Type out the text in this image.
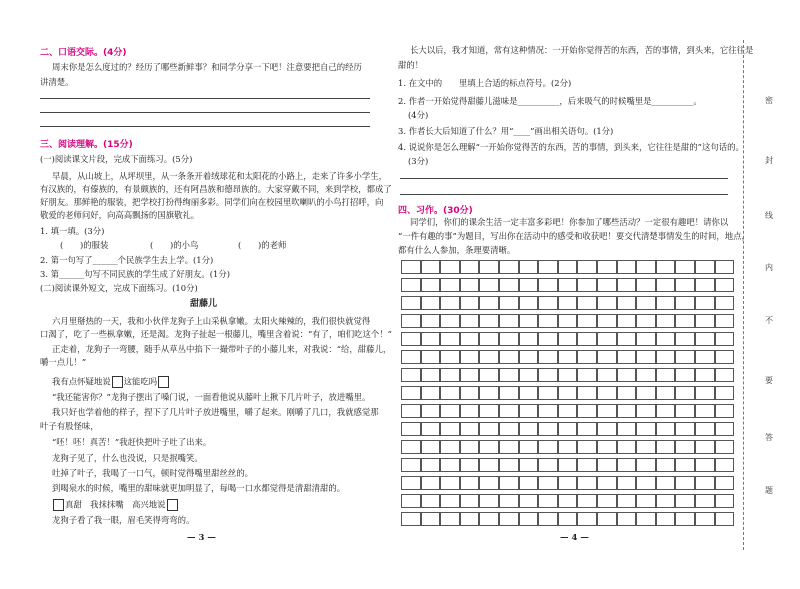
二、口语交际。(4分)
周末你是怎么度过的？经历了哪些新鲜事？和同学分享一下吧！注意要把自己的经历
讲清楚。
三、阅读理解。(15分)
(一)阅读课文片段，完成下面练习。(5分)
早晨，从山坡上，从坪坝里，从一条条开着绒球花和太阳花的小路上，走来了许多小学生，
有汉族的，有傣族的，有景颇族的，还有阿昌族和德昂族的。大家穿戴不同，来到学校，都成了
好朋友。那鲜艳的服装，把学校打扮得绚丽多彩。同学们向在校园里吹喇叭的小鸟打招呼，向
敬爱的老师问好，向高高飘扬的国旗敬礼。
1. 填一填。(3分)
(　　)的服装	(　　)的小鸟	(　　)的老师
2. 第一句写了______个民族学生去上学。(1分)
3. 第______句写不同民族的学生成了好朋友。(1分)
(二)阅读课外短文，完成下面练习。(10分)
甜藤儿
六月里掰热的一天，我和小伙伴龙狗子上山采枞拿嫩。太阳火辣辣的，我们很快就觉得
口渴了，吃了一些枞拿嫩，还是渴。龙狗子扯起一根藤儿，嘴里含着说：“有了，咱们吃这个！”
正走着，龙狗子一弯腰，随手从草丛中掐下一撮带叶子的小藤儿来，对我说：“给，甜藤儿，
嚼一点儿！”
我有点怀疑地说 这能吃吗
“我还能害你？”龙狗子摆出了嗓门说，一面看他说从藤叶上揪下几片叶子，放进嘴里。
我只好也学着他的样子，捏下了几片叶子放进嘴里，嚼了起来。刚嚼了几口，我就感觉那
叶子有股怪味，
“呸！呸！真苦！”我赶快把叶子吐了出来。
龙狗子见了，什么也没说，只是抿嘴笑。
吐掉了叶子，我喝了一口气，顿时觉得嘴里甜丝丝的。
到喝泉水的时候，嘴里的甜味就更加明显了，每喝一口水都觉得是清甜清甜的。
真甜　我抹抹嘴　高兴地说
龙狗子看了我一眼，眉毛笑得弯弯的。
— 3 —
长大以后，我才知道，常有这种情况：一开始你觉得苦的东西，苦的事情，到头来，它往往是
甜的！
1. 在文中的　　里填上合适的标点符号。(2分)
2. 作者一开始觉得甜藤儿滋味是__________，后来吸气的时候嘴里是__________。
(4分)
3. 作者长大后知道了什么？用“____”画出相关语句。(1分)
4. 说说你是怎么理解“一开始你觉得苦的东西，苦的事情，到头来，它往往是甜的”这句话的。
(3分)
四、习作。(30分)
同学们，你们的课余生活一定丰富多彩吧！你参加了哪些活动？一定很有趣吧！请你以
“一件有趣的事”为题目，写出你在活动中的感受和收获吧！要交代清楚事情发生的时间，地点，
都有什么人参加，条理要清晰。
— 4 —
密
封
线
内
不
要
答
题
